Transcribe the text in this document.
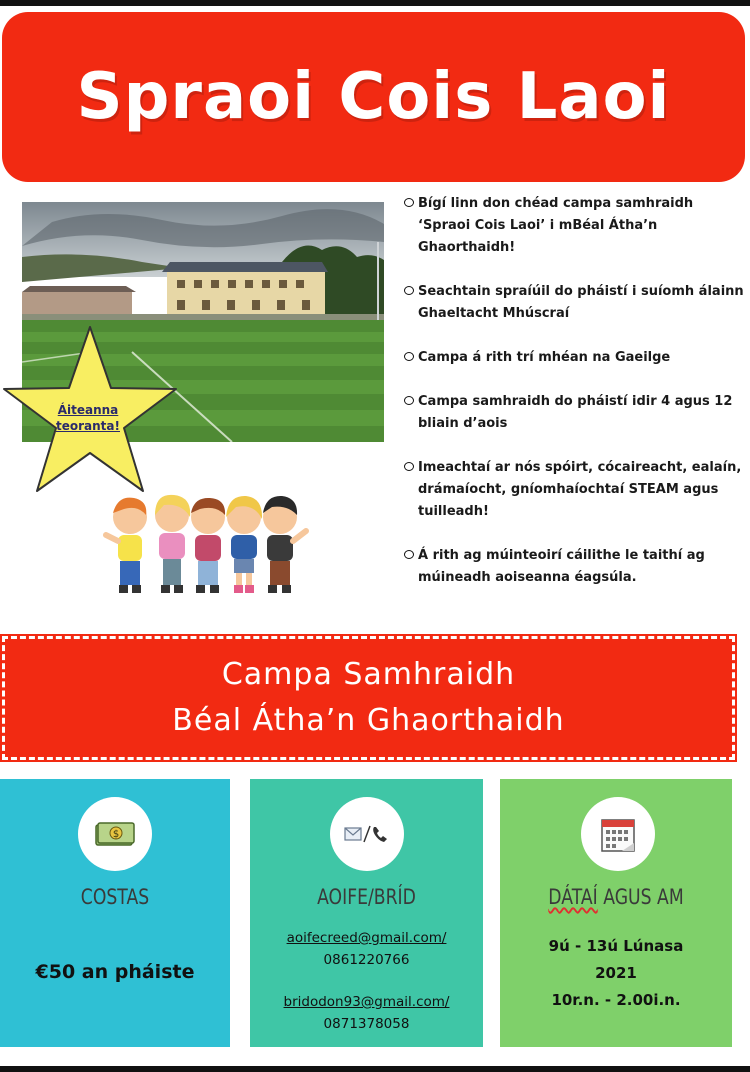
Spraoi Cois Laoi
Áiteanna teoranta!
Bígí linn don chéad campa samhraidh ‘Spraoi Cois Laoi’ i mBéal Átha’n Ghaorthaidh!
Seachtain spraíúil do pháistí i suíomh álainn Ghaeltacht Mhúscraí
Campa á rith trí mhéan na Gaeilge
Campa samhraidh do pháistí idir 4 agus 12 bliain d’aois
Imeachtaí ar nós spóirt, cócaireacht, ealaín, drámaíocht, gníomhaíochtaí STEAM agus tuilleadh!
Á rith ag múinteoirí cáilithe le taithí ag múineadh aoiseanna éagsúla.
Campa Samhraidh
Béal Átha’n Ghaorthaidh
$
COSTAS
€50 an pháiste
AOIFE/BRÍD
aoifecreed@gmail.com/
0861220766
bridodon93@gmail.com/
0871378058
DÁTAÍ AGUS AM
9ú - 13ú Lúnasa
2021
10r.n. - 2.00i.n.
